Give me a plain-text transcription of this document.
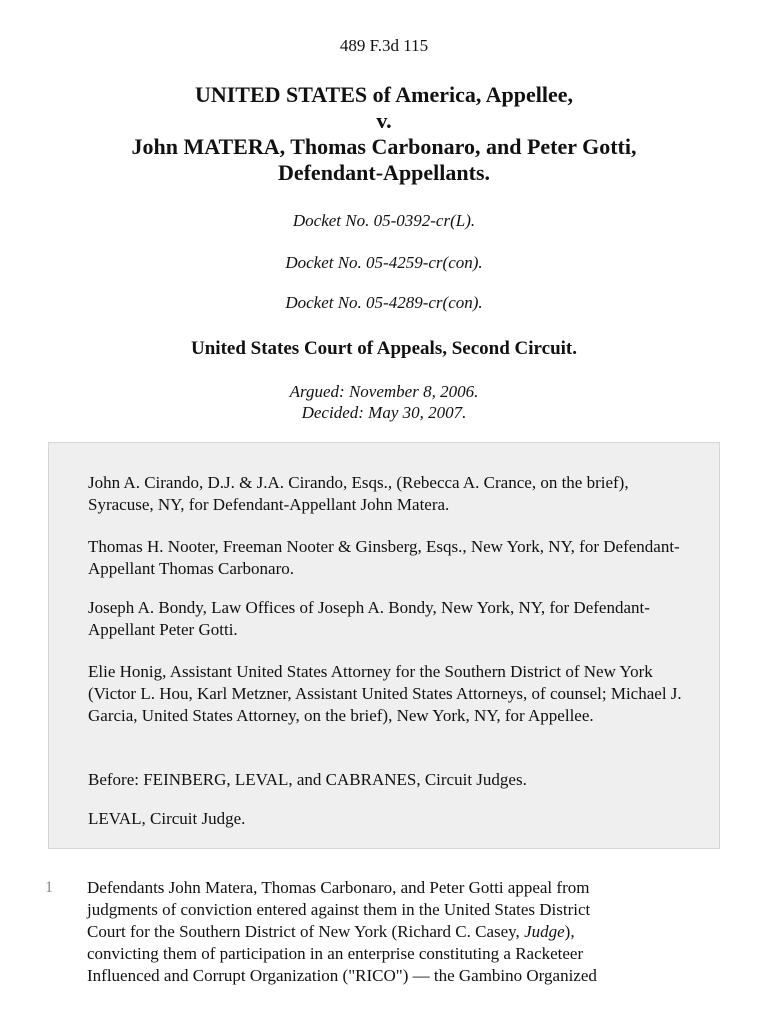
489 F.3d 115
UNITED STATES of America, Appellee,
v.
John MATERA, Thomas Carbonaro, and Peter Gotti,
Defendant-Appellants.
Docket No. 05-0392-cr(L).
Docket No. 05-4259-cr(con).
Docket No. 05-4289-cr(con).
United States Court of Appeals, Second Circuit.
Argued: November 8, 2006.
Decided: May 30, 2007.

John A. Cirando, D.J. & J.A. Cirando, Esqs., (Rebecca A. Crance, on the brief), Syracuse, NY, for Defendant-Appellant John Matera.

Thomas H. Nooter, Freeman Nooter & Ginsberg, Esqs., New York, NY, for Defendant-Appellant Thomas Carbonaro.

Joseph A. Bondy, Law Offices of Joseph A. Bondy, New York, NY, for Defendant-Appellant Peter Gotti.

Elie Honig, Assistant United States Attorney for the Southern District of New York (Victor L. Hou, Karl Metzner, Assistant United States Attorneys, of counsel; Michael J. Garcia, United States Attorney, on the brief), New York, NY, for Appellee.

Before: FEINBERG, LEVAL, and CABRANES, Circuit Judges.

LEVAL, Circuit Judge.

1 Defendants John Matera, Thomas Carbonaro, and Peter Gotti appeal from
judgments of conviction entered against them in the United States District
Court for the Southern District of New York (Richard C. Casey, Judge),
convicting them of participation in an enterprise constituting a Racketeer
Influenced and Corrupt Organization ("RICO") — the Gambino Organized
